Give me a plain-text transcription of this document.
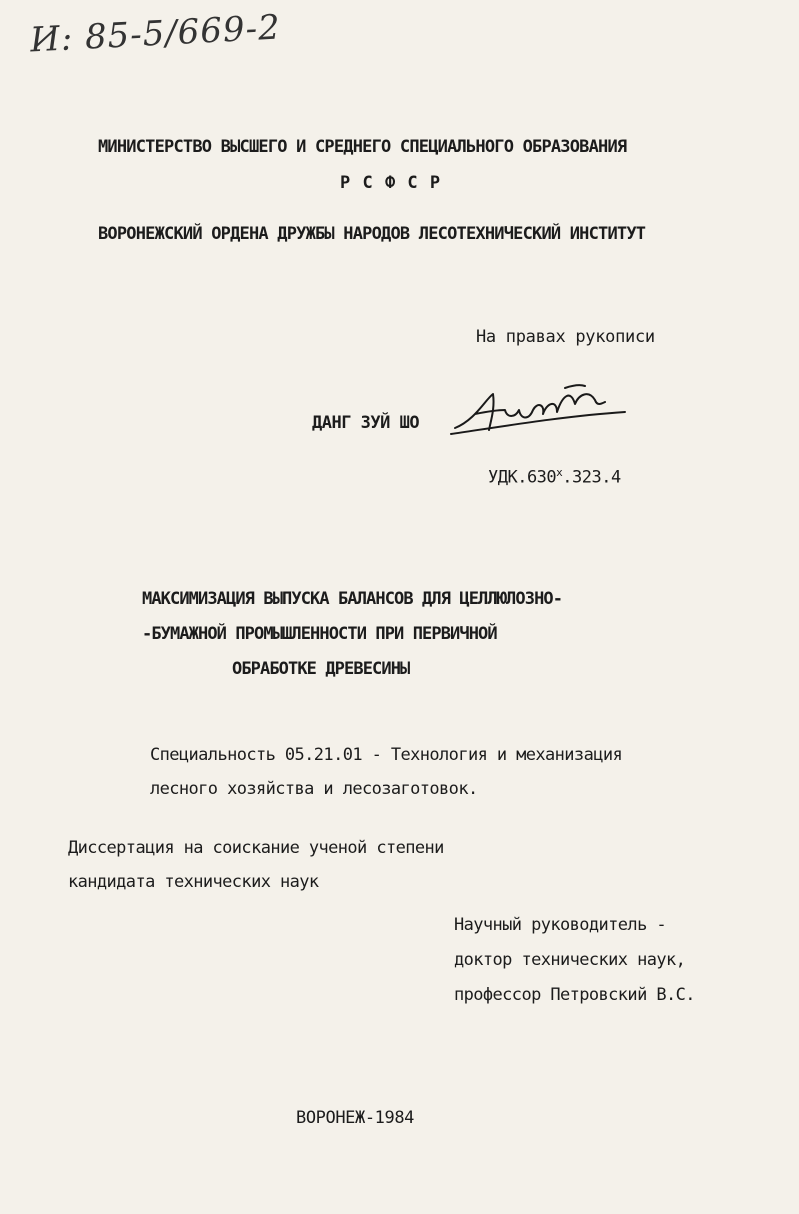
И: 85-5/669-2
МИНИСТЕРСТВО ВЫСШЕГО И СРЕДНЕГО СПЕЦИАЛЬНОГО ОБРАЗОВАНИЯ
Р С Ф С Р
ВОРОНЕЖСКИЙ ОРДЕНА ДРУЖБЫ НАРОДОВ ЛЕСОТЕХНИЧЕСКИЙ ИНСТИТУТ
На правах рукописи
ДАНГ ЗУЙ ШО
$УДК.630^х.323.4$
МАКСИМИЗАЦИЯ ВЫПУСКА БАЛАНСОВ ДЛЯ ЦЕЛЛЮЛОЗНО-
-БУМАЖНОЙ ПРОМЫШЛЕННОСТИ ПРИ ПЕРВИЧНОЙ
ОБРАБОТКЕ ДРЕВЕСИНЫ
Специальность 05.21.01 - Технология и механизация
лесного хозяйства и лесозаготовок.
Диссертация на соискание ученой степени
кандидата технических наук
Научный руководитель -
доктор технических наук,
профессор Петровский В.С.
ВОРОНЕЖ-1984
